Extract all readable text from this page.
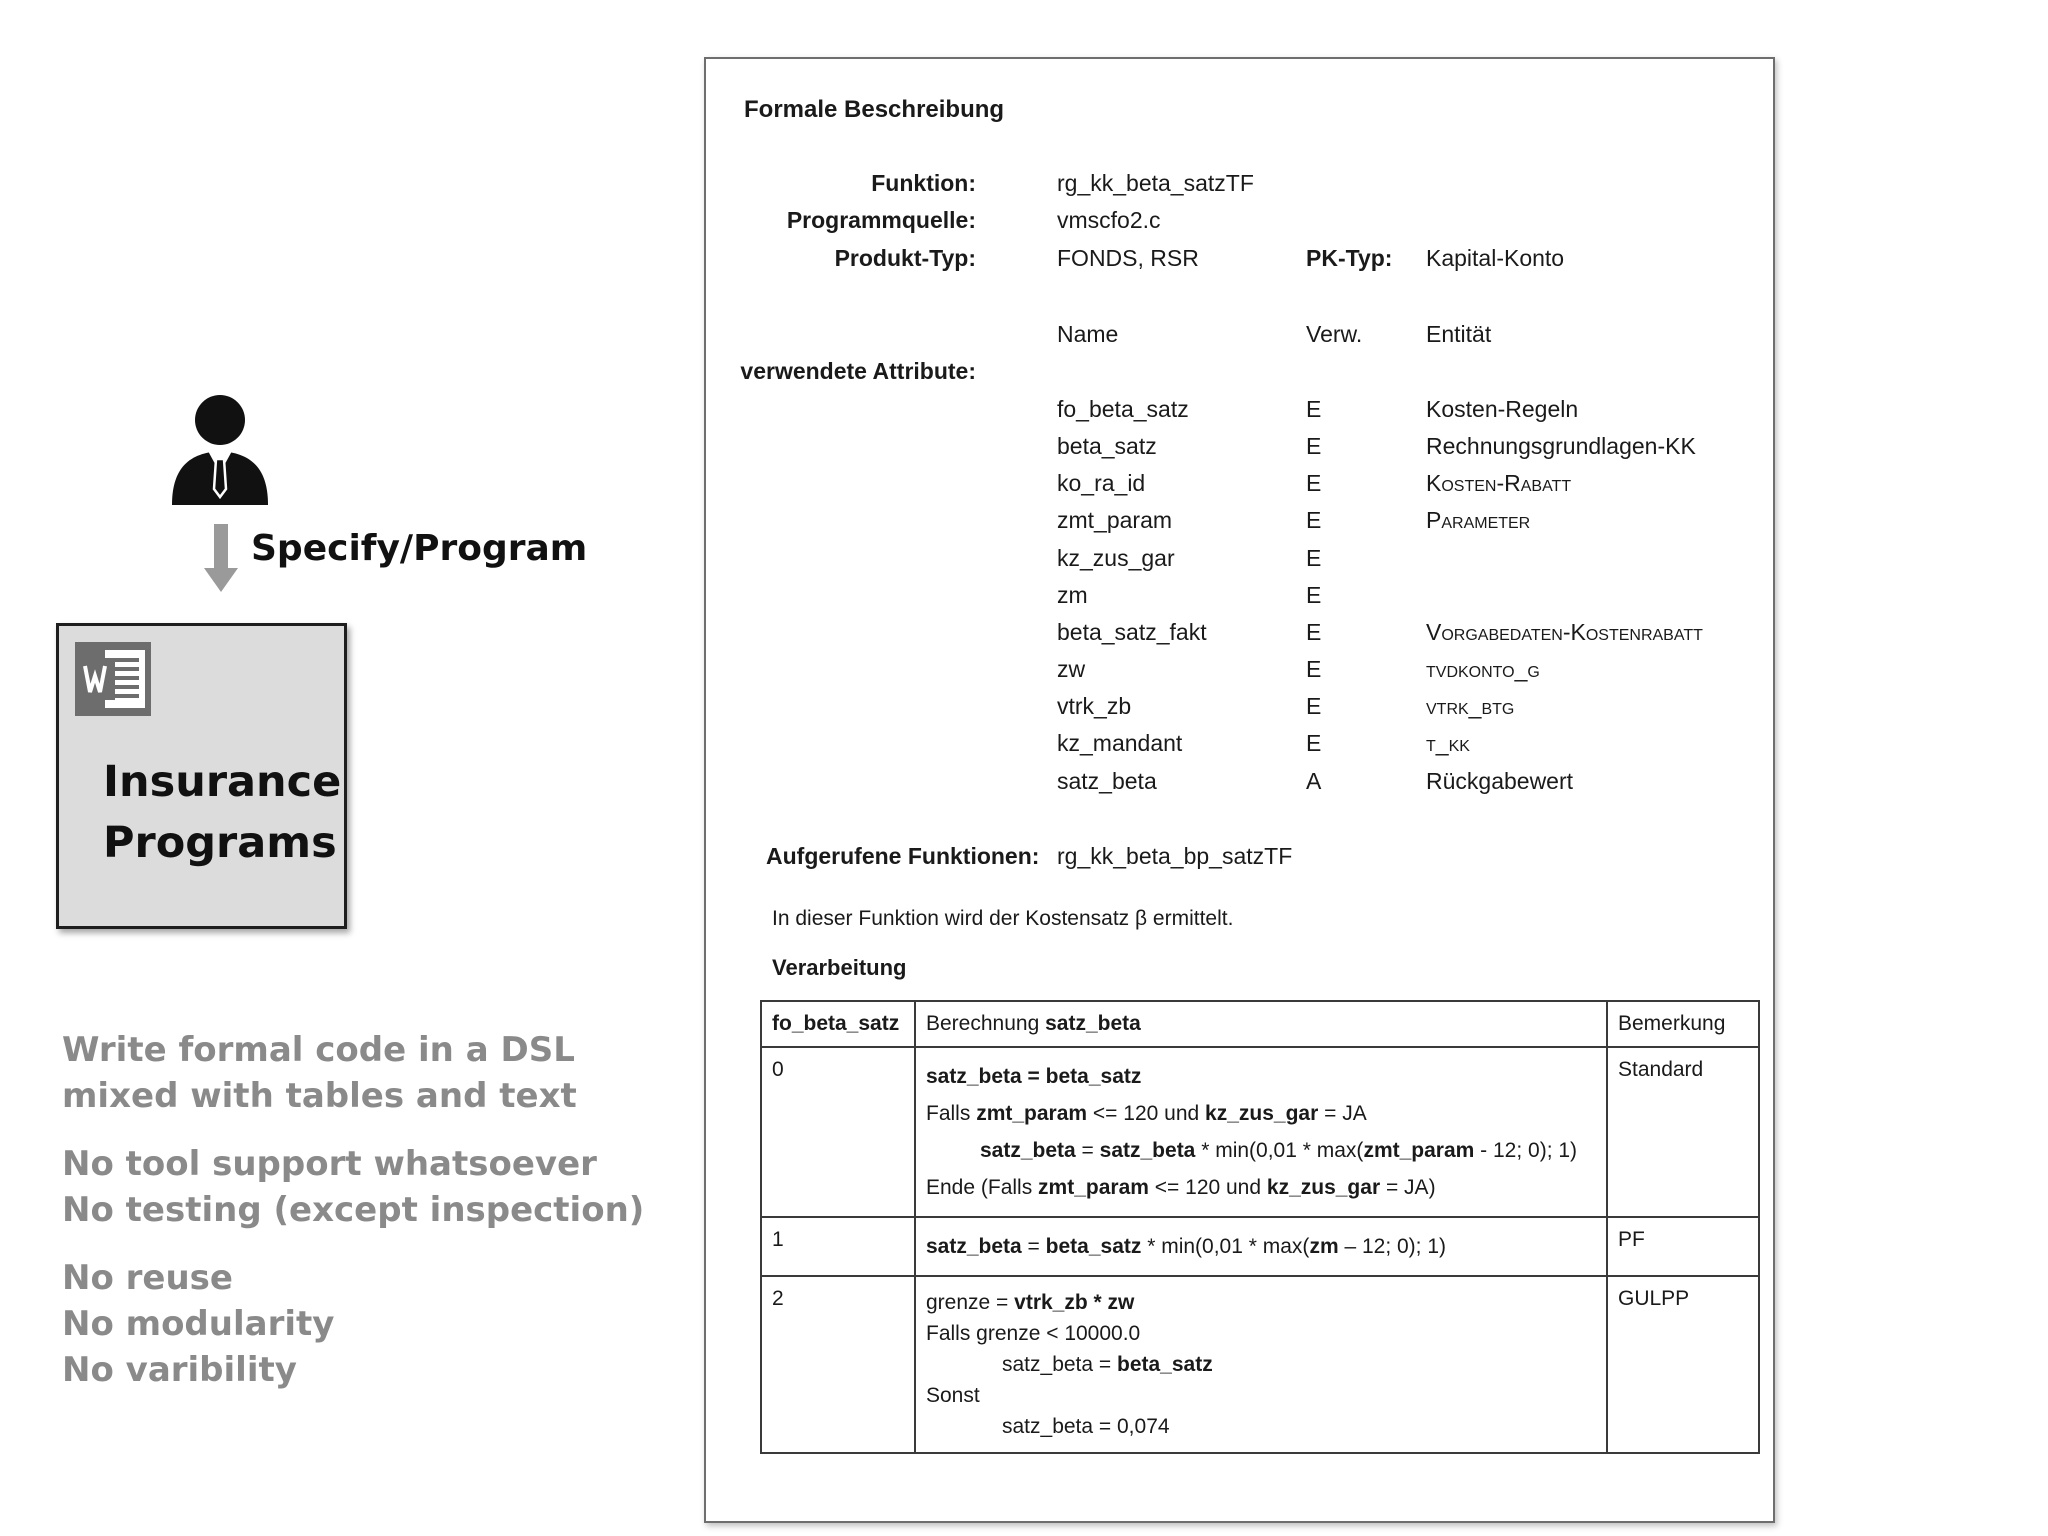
Specify/Program
Insurance Programs
Write formal code in a DSL
mixed with tables and text
No tool support whatsoever
No testing (except inspection)
No reuse
No modularity
No varibility
Formale Beschreibung
Funktion:	rg_kk_beta_satzTF
Programmquelle:	vmscfo2.c
Produkt-Typ:	FONDS, RSR	PK-Typ: Kapital-Konto
Name	Verw.	Entität
verwendete Attribute:
fo_beta_satz	E	Kosten-Regeln
beta_satz	E	Rechnungsgrundlagen-KK
ko_ra_id	E	Kosten-Rabatt
zmt_param	E	Parameter
kz_zus_gar	E
zm	E
beta_satz_fakt	E	Vorgabedaten-Kostenrabatt
zw	E	tvdkonto_g
vtrk_zb	E	vtrk_btg
kz_mandant	E	t_kk
satz_beta	A	Rückgabewert
Aufgerufene Funktionen: rg_kk_beta_bp_satzTF
In dieser Funktion wird der Kostensatz β ermittelt.
Verarbeitung
fo_beta_satz	Berechnung satz_beta	Bemerkung
0	satz_beta = beta_satz
Falls zmt_param <= 120 und kz_zus_gar = JA
satz_beta = satz_beta * min(0,01 * max(zmt_param - 12; 0); 1)
Ende (Falls zmt_param <= 120 und kz_zus_gar = JA)	Standard
1	satz_beta = beta_satz * min(0,01 * max(zm – 12; 0); 1)	PF
2	grenze = vtrk_zb * zw
Falls grenze < 10000.0
satz_beta = beta_satz
Sonst
satz_beta = 0,074	GULPP
